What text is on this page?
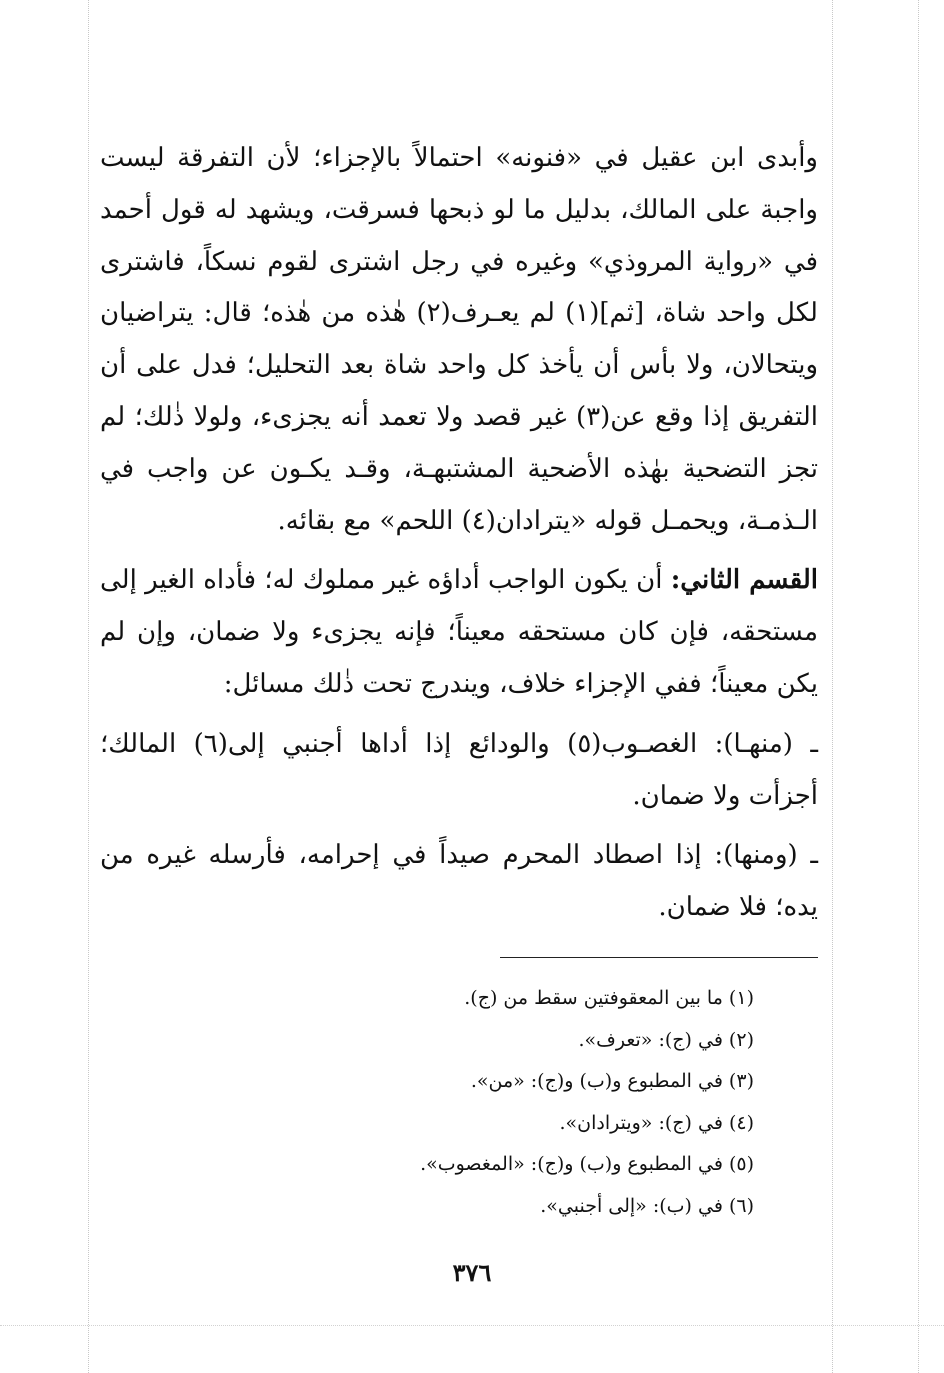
وأبدى ابن عقيل في «فنونه» احتمالاً بالإجزاء؛ لأن التفرقة ليست واجبة على المالك، بدليل ما لو ذبحها فسرقت، ويشهد له قول أحمد في «رواية المروذي» وغيره في رجل اشترى لقوم نسكاً، فاشترى لكل واحد شاة، [ثم](١) لم يعـرف(٢) هٰذه من هٰذه؛ قال: يتراضيان ويتحالان، ولا بأس أن يأخذ كل واحد شاة بعد التحليل؛ فدل على أن التفريق إذا وقع عن(٣) غير قصد ولا تعمد أنه يجزىء، ولولا ذٰلك؛ لم تجز التضحية بهٰذه الأضحية المشتبهـة، وقـد يكـون عن واجب في الـذمـة، ويحمـل قوله «يترادان(٤) اللحم» مع بقائه.

القسم الثاني: أن يكون الواجب أداؤه غير مملوك له؛ فأداه الغير إلى مستحقه، فإن كان مستحقه معيناً؛ فإنه يجزىء ولا ضمان، وإن لم يكن معيناً؛ ففي الإجزاء خلاف، ويندرج تحت ذٰلك مسائل:

ـ (منهـا): الغصـوب(٥) والودائع إذا أداها أجنبي إلى(٦) المالك؛ أجزأت ولا ضمان.

ـ (ومنها): إذا اصطاد المحرم صيداً في إحرامه، فأرسله غيره من يده؛ فلا ضمان.

(١) ما بين المعقوفتين سقط من (ج).
(٢) في (ج): «تعرف».
(٣) في المطبوع و(ب) و(ج): «من».
(٤) في (ج): «ويترادان».
(٥) في المطبوع و(ب) و(ج): «المغصوب».
(٦) في (ب): «إلى أجنبي».
٣٧٦
